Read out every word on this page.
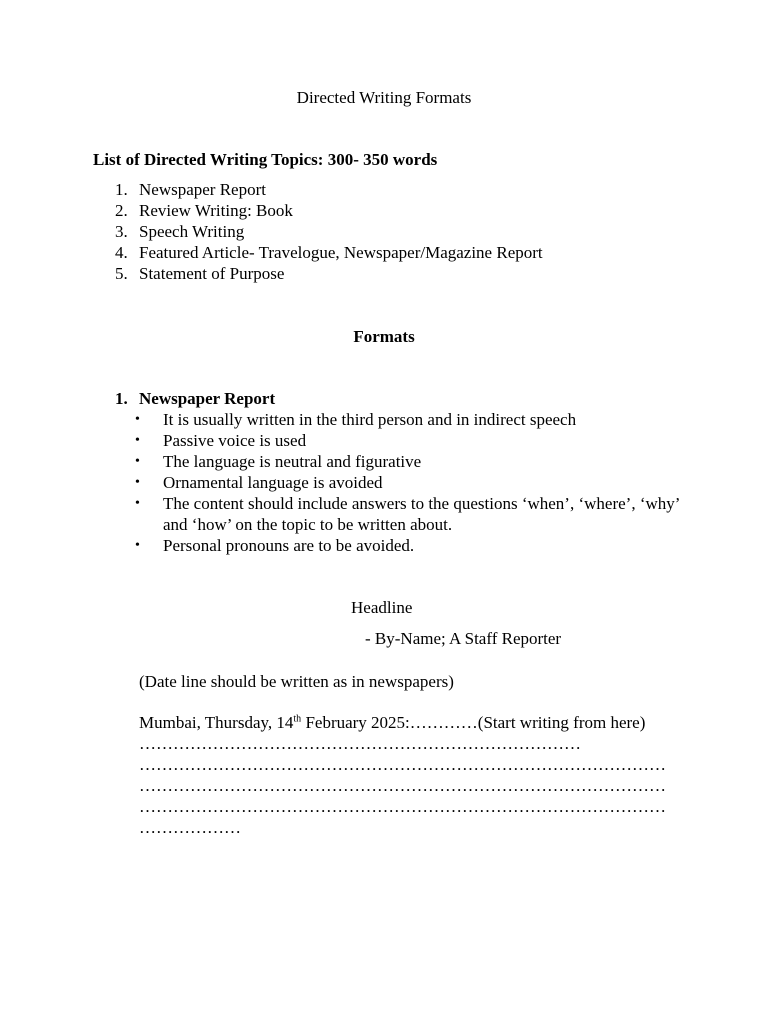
Directed Writing Formats
List of Directed Writing Topics: 300- 350 words
1. Newspaper Report
2. Review Writing: Book
3. Speech Writing
4. Featured Article- Travelogue, Newspaper/Magazine Report
5. Statement of Purpose
Formats
1. Newspaper Report
• It is usually written in the third person and in indirect speech
• Passive voice is used
• The language is neutral and figurative
• Ornamental language is avoided
• The content should include answers to the questions ‘when’, ‘where’, ‘why’ and ‘how’ on the topic to be written about.
• Personal pronouns are to be avoided.
Headline
- By-Name; A Staff Reporter
(Date line should be written as in newspapers)
Mumbai, Thursday, 14th February 2025:…………(Start writing from here) ……………………………………………………………………
…………………………………………………………………………………
…………………………………………………………………………………
…………………………………………………………………………………
………………
